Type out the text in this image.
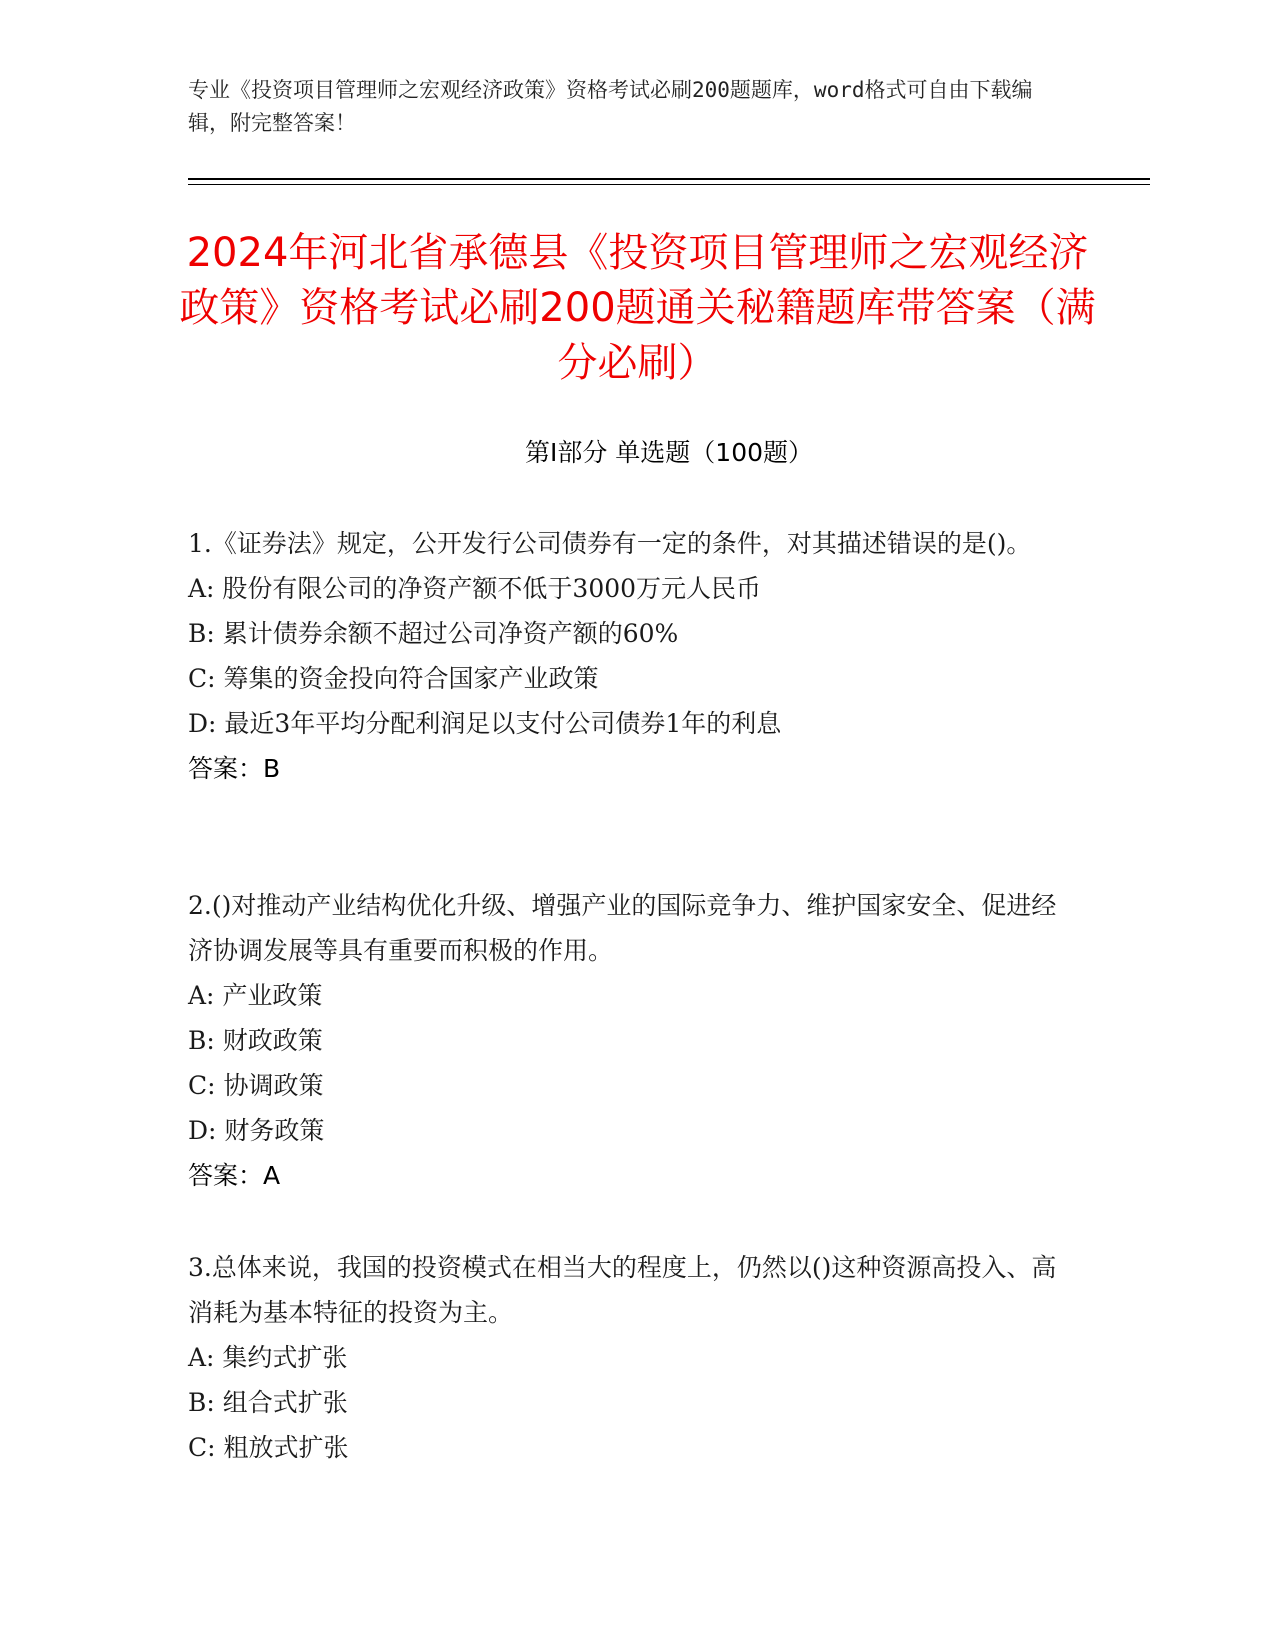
专业《投资项目管理师之宏观经济政策》资格考试必刷200题题库，word格式可自由下载编辑，附完整答案！
2024年河北省承德县《投资项目管理师之宏观经济政策》资格考试必刷200题通关秘籍题库带答案（满分必刷）
第Ⅰ部分 单选题（100题）

1.《证券法》规定，公开发行公司债券有一定的条件，对其描述错误的是()。

A: 股份有限公司的净资产额不低于3000万元人民币

B: 累计债券余额不超过公司净资产额的60%

C: 筹集的资金投向符合国家产业政策

D: 最近3年平均分配利润足以支付公司债券1年的利息

答案：B

2.()对推动产业结构优化升级、增强产业的国际竞争力、维护国家安全、促进经济协调发展等具有重要而积极的作用。

A: 产业政策

B: 财政政策

C: 协调政策

D: 财务政策

答案：A

3.总体来说，我国的投资模式在相当大的程度上，仍然以()这种资源高投入、高消耗为基本特征的投资为主。

A: 集约式扩张

B: 组合式扩张

C: 粗放式扩张
